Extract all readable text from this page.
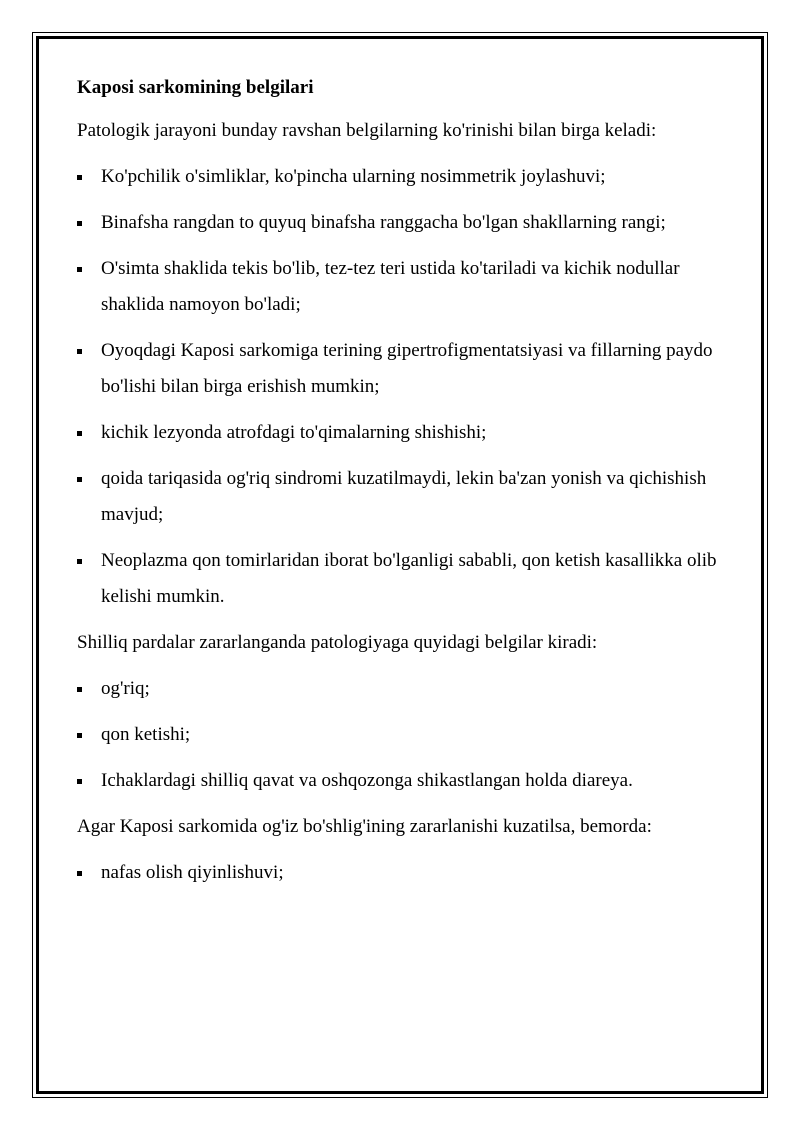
Kaposi sarkomining belgilari

Patologik jarayoni bunday ravshan belgilarning ko'rinishi bilan birga keladi:

Ko'pchilik o'simliklar, ko'pincha ularning nosimmetrik joylashuvi;
Binafsha rangdan to quyuq binafsha ranggacha bo'lgan shakllarning rangi;
O'simta shaklida tekis bo'lib, tez-tez teri ustida ko'tariladi va kichik nodullar shaklida namoyon bo'ladi;
Oyoqdagi Kaposi sarkomiga terining gipertrofigmentatsiyasi va fillarning paydo bo'lishi bilan birga erishish mumkin;
kichik lezyonda atrofdagi to'qimalarning shishishi;
qoida tariqasida og'riq sindromi kuzatilmaydi, lekin ba'zan yonish va qichishish mavjud;
Neoplazma qon tomirlaridan iborat bo'lganligi sababli, qon ketish kasallikka olib kelishi mumkin.

Shilliq pardalar zararlanganda patologiyaga quyidagi belgilar kiradi:

og'riq;
qon ketishi;
Ichaklardagi shilliq qavat va oshqozonga shikastlangan holda diareya.

Agar Kaposi sarkomida og'iz bo'shlig'ining zararlanishi kuzatilsa, bemorda:

nafas olish qiyinlishuvi;
